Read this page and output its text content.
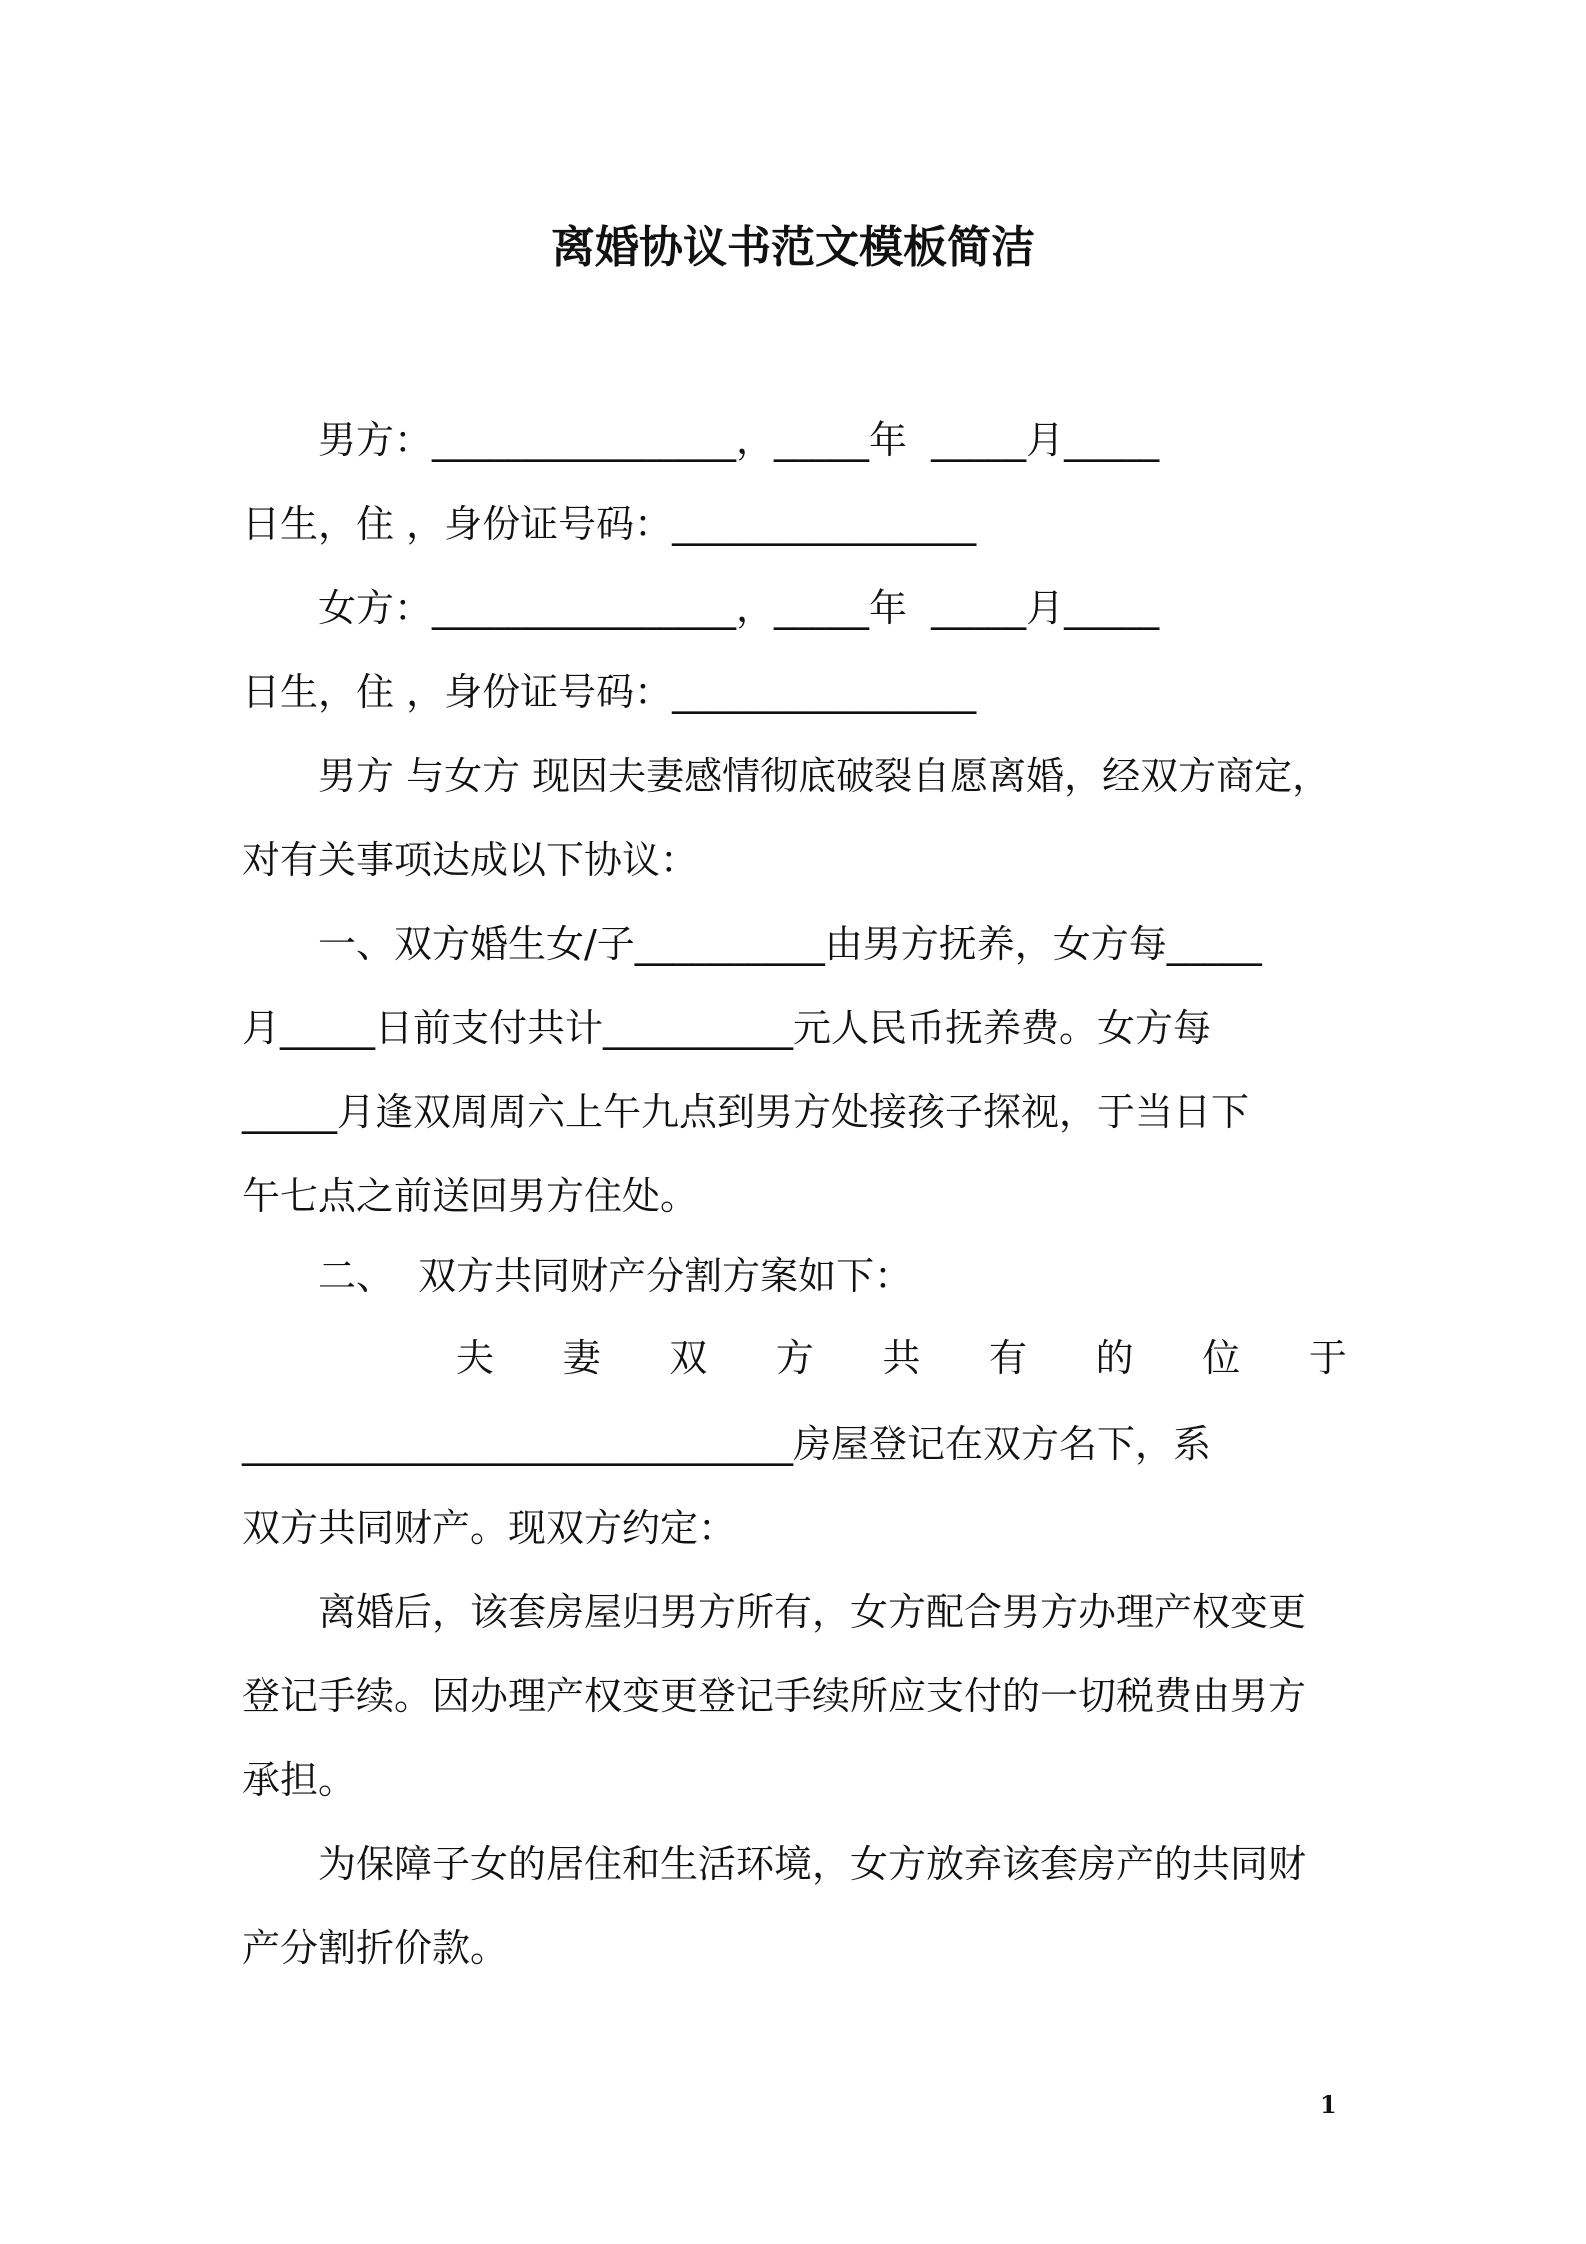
离婚协议书范文模板简洁
　　男方：________________，_____年  _____月_____
日生，住 ，身份证号码：________________
　　女方：________________，_____年  _____月_____
日生，住 ，身份证号码：________________
　　男方 与女方 现因夫妻感情彻底破裂自愿离婚，经双方商定，
对有关事项达成以下协议：
　　一、双方婚生女/子__________由男方抚养，女方每_____
月_____日前支付共计__________元人民币抚养费。女方每
_____月逢双周周六上午九点到男方处接孩子探视，于当日下
午七点之前送回男方住处。
　　二、  双方共同财产分割方案如下：
夫 妻 双 方 共 有 的 位 于
_____________________________房屋登记在双方名下，系
双方共同财产。现双方约定：
　　离婚后，该套房屋归男方所有，女方配合男方办理产权变更
登记手续。因办理产权变更登记手续所应支付的一切税费由男方
承担。
　　为保障子女的居住和生活环境，女方放弃该套房产的共同财
产分割折价款。
1
